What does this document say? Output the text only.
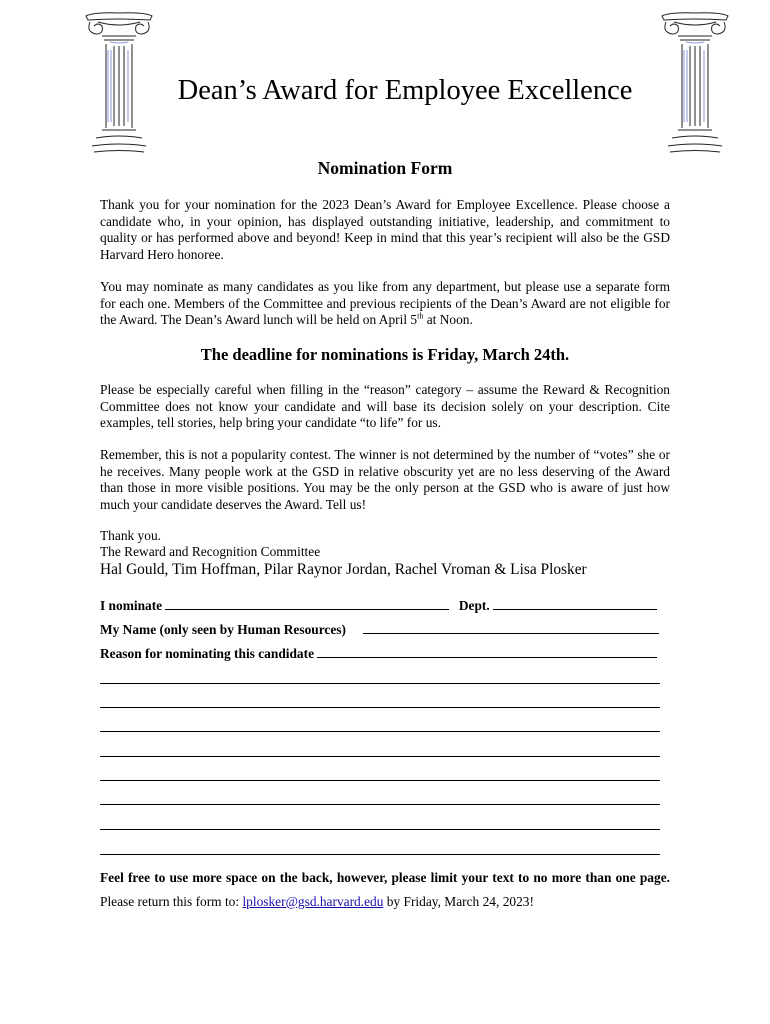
Dean’s Award for Employee Excellence
Nomination Form
Thank you for your nomination for the 2023 Dean’s Award for Employee Excellence. Please choose a candidate who, in your opinion, has displayed outstanding initiative, leadership, and commitment to quality or has performed above and beyond! Keep in mind that this year’s recipient will also be the GSD Harvard Hero honoree.
You may nominate as many candidates as you like from any department, but please use a separate form for each one. Members of the Committee and previous recipients of the Dean’s Award are not eligible for the Award. The Dean’s Award lunch will be held on April 5th at Noon.
The deadline for nominations is Friday, March 24th.
Please be especially careful when filling in the “reason” category – assume the Reward & Recognition Committee does not know your candidate and will base its decision solely on your description. Cite examples, tell stories, help bring your candidate “to life” for us.
Remember, this is not a popularity contest. The winner is not determined by the number of “votes” she or he receives. Many people work at the GSD in relative obscurity yet are no less deserving of the Award than those in more visible positions. You may be the only person at the GSD who is aware of just how much your candidate deserves the Award. Tell us!
Thank you.
The Reward and Recognition Committee
Hal Gould, Tim Hoffman, Pilar Raynor Jordan, Rachel Vroman & Lisa Plosker
I nominate	Dept.
My Name (only seen by Human Resources)
Reason for nominating this candidate
Feel free to use more space on the back, however, please limit your text to no more than one page. Please return this form to: lplosker@gsd.harvard.edu by Friday, March 24, 2023!
